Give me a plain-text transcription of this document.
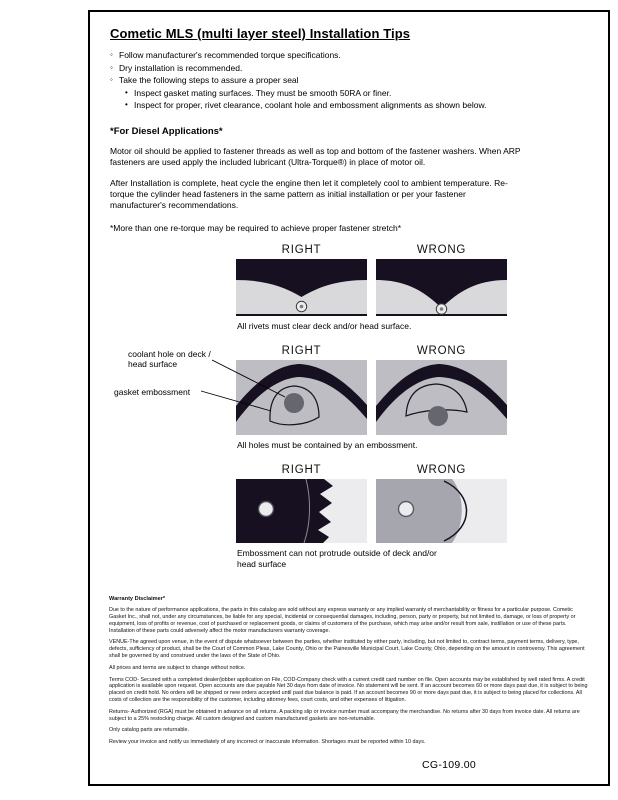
Cometic MLS (multi layer steel) Installation Tips
◦ Follow manufacturer's recommended torque specifications.
◦ Dry installation is recommended.
◦ Take the following steps to assure a proper seal
• Inspect gasket mating surfaces. They must be smooth 50RA or finer.
• Inspect for proper, rivet clearance, coolant hole and embossment alignments as shown below.
*For Diesel Applications*

Motor oil should be applied to fastener threads as well as top and bottom of the fastener washers. When ARP fasteners are used apply the included lubricant (Ultra-Torque®) in place of motor oil.

After Installation is complete, heat cycle the engine then let it completely cool to ambient temperature. Re-torque the cylinder head fasteners in the same pattern as initial installation or per your fastener manufacturer's recommendations.

*More than one re-torque may be required to achieve proper fastener stretch*

RIGHT	WRONG
All rivets must clear deck and/or head surface.
coolant hole on deck / head surface
gasket embossment
RIGHT	WRONG
All holes must be contained by an embossment.
RIGHT	WRONG
Embossment can not protrude outside of deck and/or head surface
Warranty Disclaimer*

Due to the nature of performance applications, the parts in this catalog are sold without any express warranty or any implied warranty of merchantability or fitness for a particular purpose. Cometic Gasket Inc., shall not, under any circumstances, be liable for any special, incidental or consequential damages, including, person, party or property, but not limited to, damage, or loss of property or equipment, loss of profits or revenue, cost of purchased or replacement goods, or claims of customers of the purchase, which may arise and/or result from sale, instillation or use of these parts. Installation of these parts could adversely affect the motor manufacturers warranty coverage.

VENUE-The agreed upon venue, in the event of dispute whatsoever between the parties, whether instituted by either party, including, but not limited to, contract terms, payment terms, delivery, type, defects, sufficiency of product, shall be the Court of Common Pleas, Lake County, Ohio or the Painesville Municipal Court, Lake County, Ohio, depending on the amount in controversy. This agreement shall be governed by and construed under the laws of the State of Ohio.

All prices and terms are subject to change without notice.

Terms COD- Secured with a completed dealer/jobber application on File, COD-Company check with a current credit card number on file. Open accounts may be established by well rated firms. A credit application is available upon request. Open accounts are due payable Net 30 days from date of invoice. No statement will be sent. If an account becomes 60 or more days past due, it is subject to being placed on credit hold. No orders will be shipped or new orders accepted until past due balance is paid. If an account becomes 90 or more days past due, it is subject to being placed for collections. All costs of collection are the responsibility of the customer, including attorney fees, court costs, and other expenses of litigation.

Returns- Authorized (RGA) must be obtained in advance on all returns. A packing slip or invoice number must accompany the merchandise. No returns after 30 days from invoice date. All returns are subject to a 25% restocking charge. All custom designed and custom manufactured gaskets are non-returnable.

Only catalog parts are returnable.

Review your invoice and notify us immediately of any incorrect or inaccurate information. Shortages must be reported within 10 days.

CG-109.00
